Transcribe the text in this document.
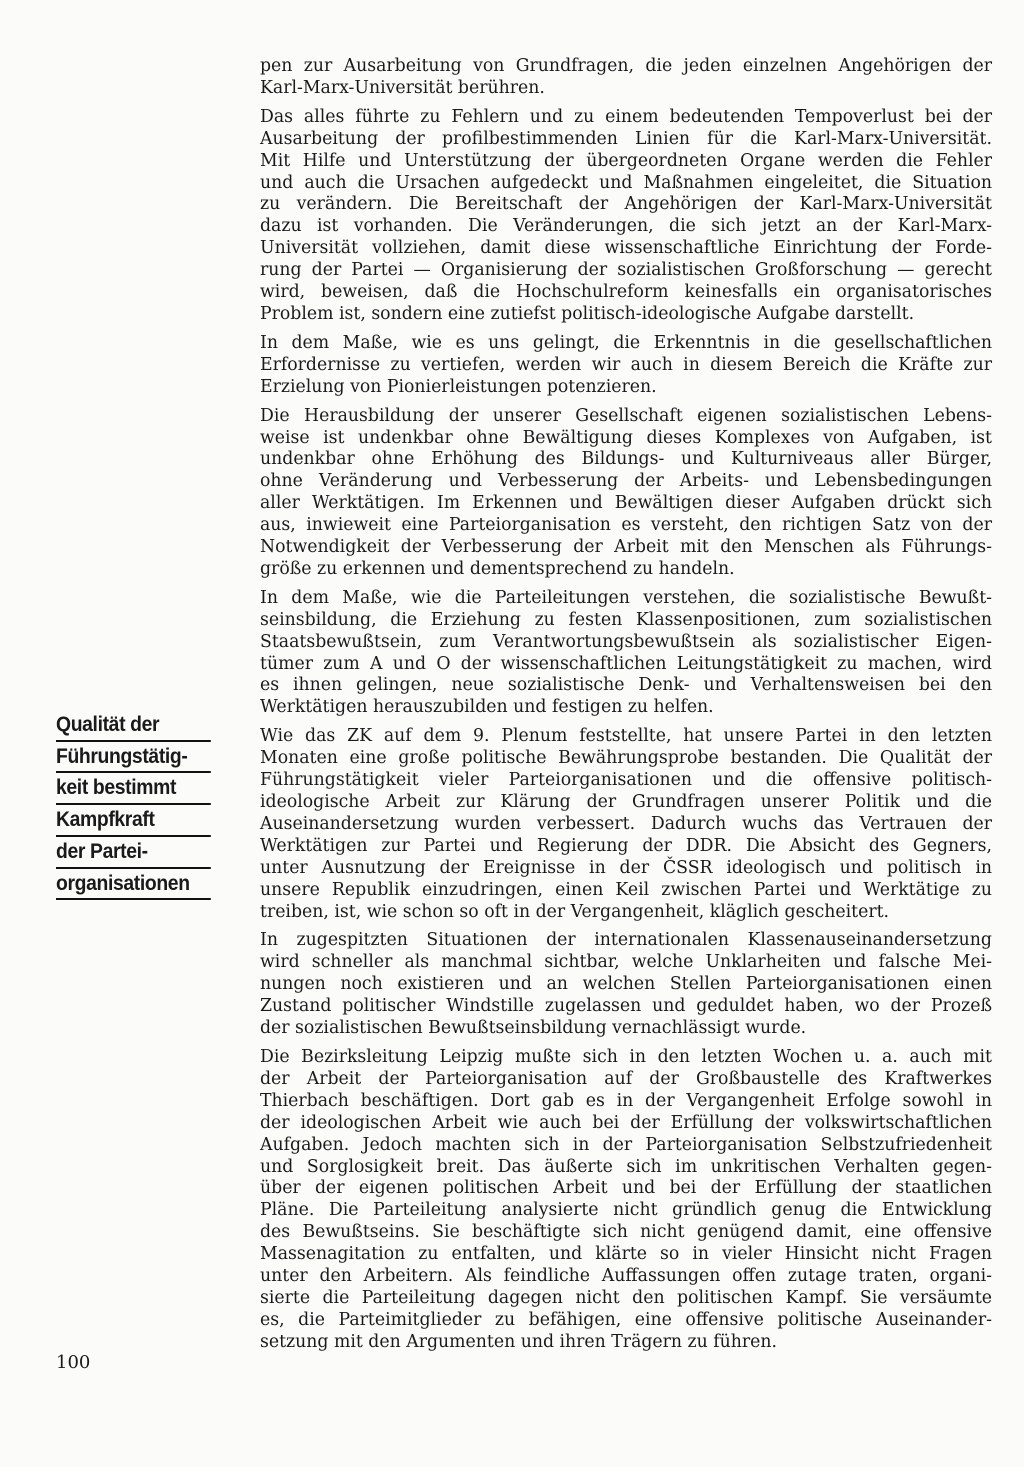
Qualität der
Führungstätig-
keit bestimmt
Kampfkraft
der Partei-
organisationen
pen zur Ausarbeitung von Grundfragen, die jeden einzelnen Angehörigen der
Karl-Marx-Universität berühren.
Das alles führte zu Fehlern und zu einem bedeutenden Tempoverlust bei der
Ausarbeitung der profilbestimmenden Linien für die Karl-Marx-Universität.
Mit Hilfe und Unterstützung der übergeordneten Organe werden die Fehler
und auch die Ursachen aufgedeckt und Maßnahmen eingeleitet, die Situation
zu verändern. Die Bereitschaft der Angehörigen der Karl-Marx-Universität
dazu ist vorhanden. Die Veränderungen, die sich jetzt an der Karl-Marx-
Universität vollziehen, damit diese wissenschaftliche Einrichtung der Forde-
rung der Partei — Organisierung der sozialistischen Großforschung — gerecht
wird, beweisen, daß die Hochschulreform keinesfalls ein organisatorisches
Problem ist, sondern eine zutiefst politisch-ideologische Aufgabe darstellt.
In dem Maße, wie es uns gelingt, die Erkenntnis in die gesellschaftlichen
Erfordernisse zu vertiefen, werden wir auch in diesem Bereich die Kräfte zur
Erzielung von Pionierleistungen potenzieren.
Die Herausbildung der unserer Gesellschaft eigenen sozialistischen Lebens-
weise ist undenkbar ohne Bewältigung dieses Komplexes von Aufgaben, ist
undenkbar ohne Erhöhung des Bildungs- und Kulturniveaus aller Bürger,
ohne Veränderung und Verbesserung der Arbeits- und Lebensbedingungen
aller Werktätigen. Im Erkennen und Bewältigen dieser Aufgaben drückt sich
aus, inwieweit eine Parteiorganisation es versteht, den richtigen Satz von der
Notwendigkeit der Verbesserung der Arbeit mit den Menschen als Führungs-
größe zu erkennen und dementsprechend zu handeln.
In dem Maße, wie die Parteileitungen verstehen, die sozialistische Bewußt-
seinsbildung, die Erziehung zu festen Klassenpositionen, zum sozialistischen
Staatsbewußtsein, zum Verantwortungsbewußtsein als sozialistischer Eigen-
tümer zum A und O der wissenschaftlichen Leitungstätigkeit zu machen, wird
es ihnen gelingen, neue sozialistische Denk- und Verhaltensweisen bei den
Werktätigen herauszubilden und festigen zu helfen.
Wie das ZK auf dem 9. Plenum feststellte, hat unsere Partei in den letzten
Monaten eine große politische Bewährungsprobe bestanden. Die Qualität der
Führungstätigkeit vieler Parteiorganisationen und die offensive politisch-
ideologische Arbeit zur Klärung der Grundfragen unserer Politik und die
Auseinandersetzung wurden verbessert. Dadurch wuchs das Vertrauen der
Werktätigen zur Partei und Regierung der DDR. Die Absicht des Gegners,
unter Ausnutzung der Ereignisse in der ČSSR ideologisch und politisch in
unsere Republik einzudringen, einen Keil zwischen Partei und Werktätige zu
treiben, ist, wie schon so oft in der Vergangenheit, kläglich gescheitert.
In zugespitzten Situationen der internationalen Klassenauseinandersetzung
wird schneller als manchmal sichtbar, welche Unklarheiten und falsche Mei-
nungen noch existieren und an welchen Stellen Parteiorganisationen einen
Zustand politischer Windstille zugelassen und geduldet haben, wo der Prozeß
der sozialistischen Bewußtseinsbildung vernachlässigt wurde.
Die Bezirksleitung Leipzig mußte sich in den letzten Wochen u. a. auch mit
der Arbeit der Parteiorganisation auf der Großbaustelle des Kraftwerkes
Thierbach beschäftigen. Dort gab es in der Vergangenheit Erfolge sowohl in
der ideologischen Arbeit wie auch bei der Erfüllung der volkswirtschaftlichen
Aufgaben. Jedoch machten sich in der Parteiorganisation Selbstzufriedenheit
und Sorglosigkeit breit. Das äußerte sich im unkritischen Verhalten gegen-
über der eigenen politischen Arbeit und bei der Erfüllung der staatlichen
Pläne. Die Parteileitung analysierte nicht gründlich genug die Entwicklung
des Bewußtseins. Sie beschäftigte sich nicht genügend damit, eine offensive
Massenagitation zu entfalten, und klärte so in vieler Hinsicht nicht Fragen
unter den Arbeitern. Als feindliche Auffassungen offen zutage traten, organi-
sierte die Parteileitung dagegen nicht den politischen Kampf. Sie versäumte
es, die Parteimitglieder zu befähigen, eine offensive politische Auseinander-
setzung mit den Argumenten und ihren Trägern zu führen.
100
